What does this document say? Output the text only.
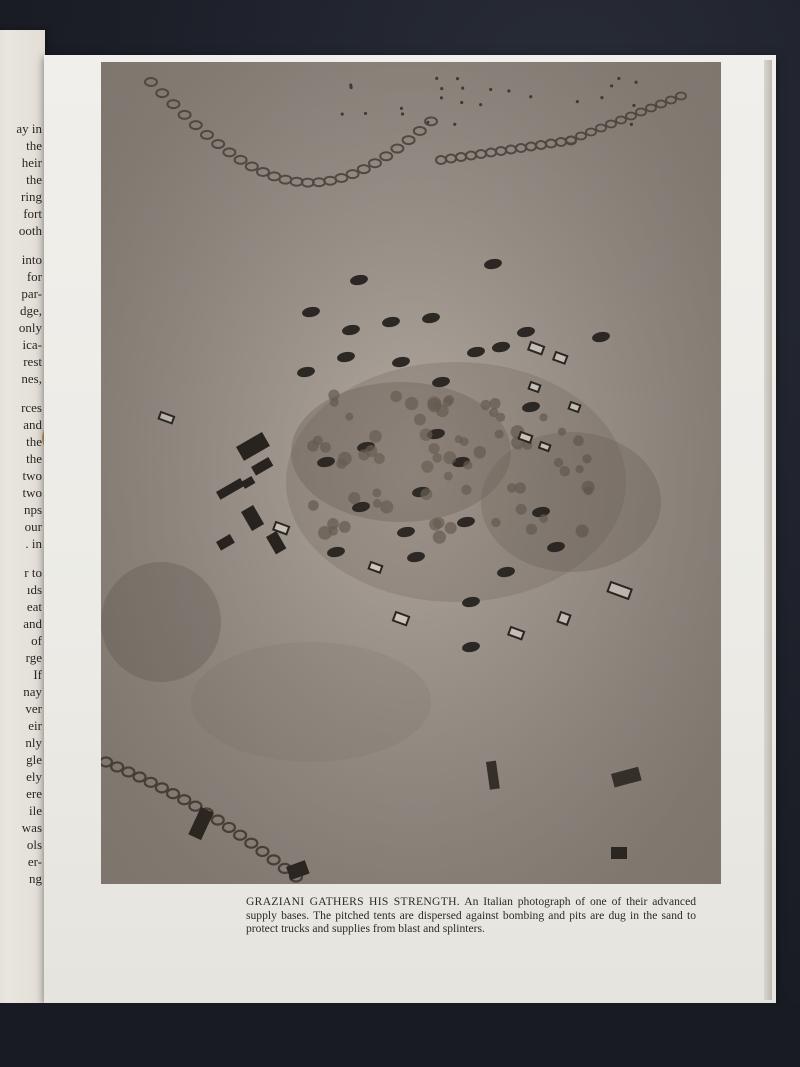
ay in
the
heir
the
ring
fort
ooth
into
for
par-
dge,
only
ica-
rest
nes,
rces
and
the
the
two
two
nps
our
. in
r to
ıds
eat
and
of
rge
If
nay
ver
eir
nly
gle
ely
ere
ile
was
ols
er-
ng
GRAZIANI GATHERS HIS STRENGTH. An Italian photograph of one of their advanced supply bases. The pitched tents are dispersed against bombing and pits are dug in the sand to protect trucks and supplies from blast and splinters.
